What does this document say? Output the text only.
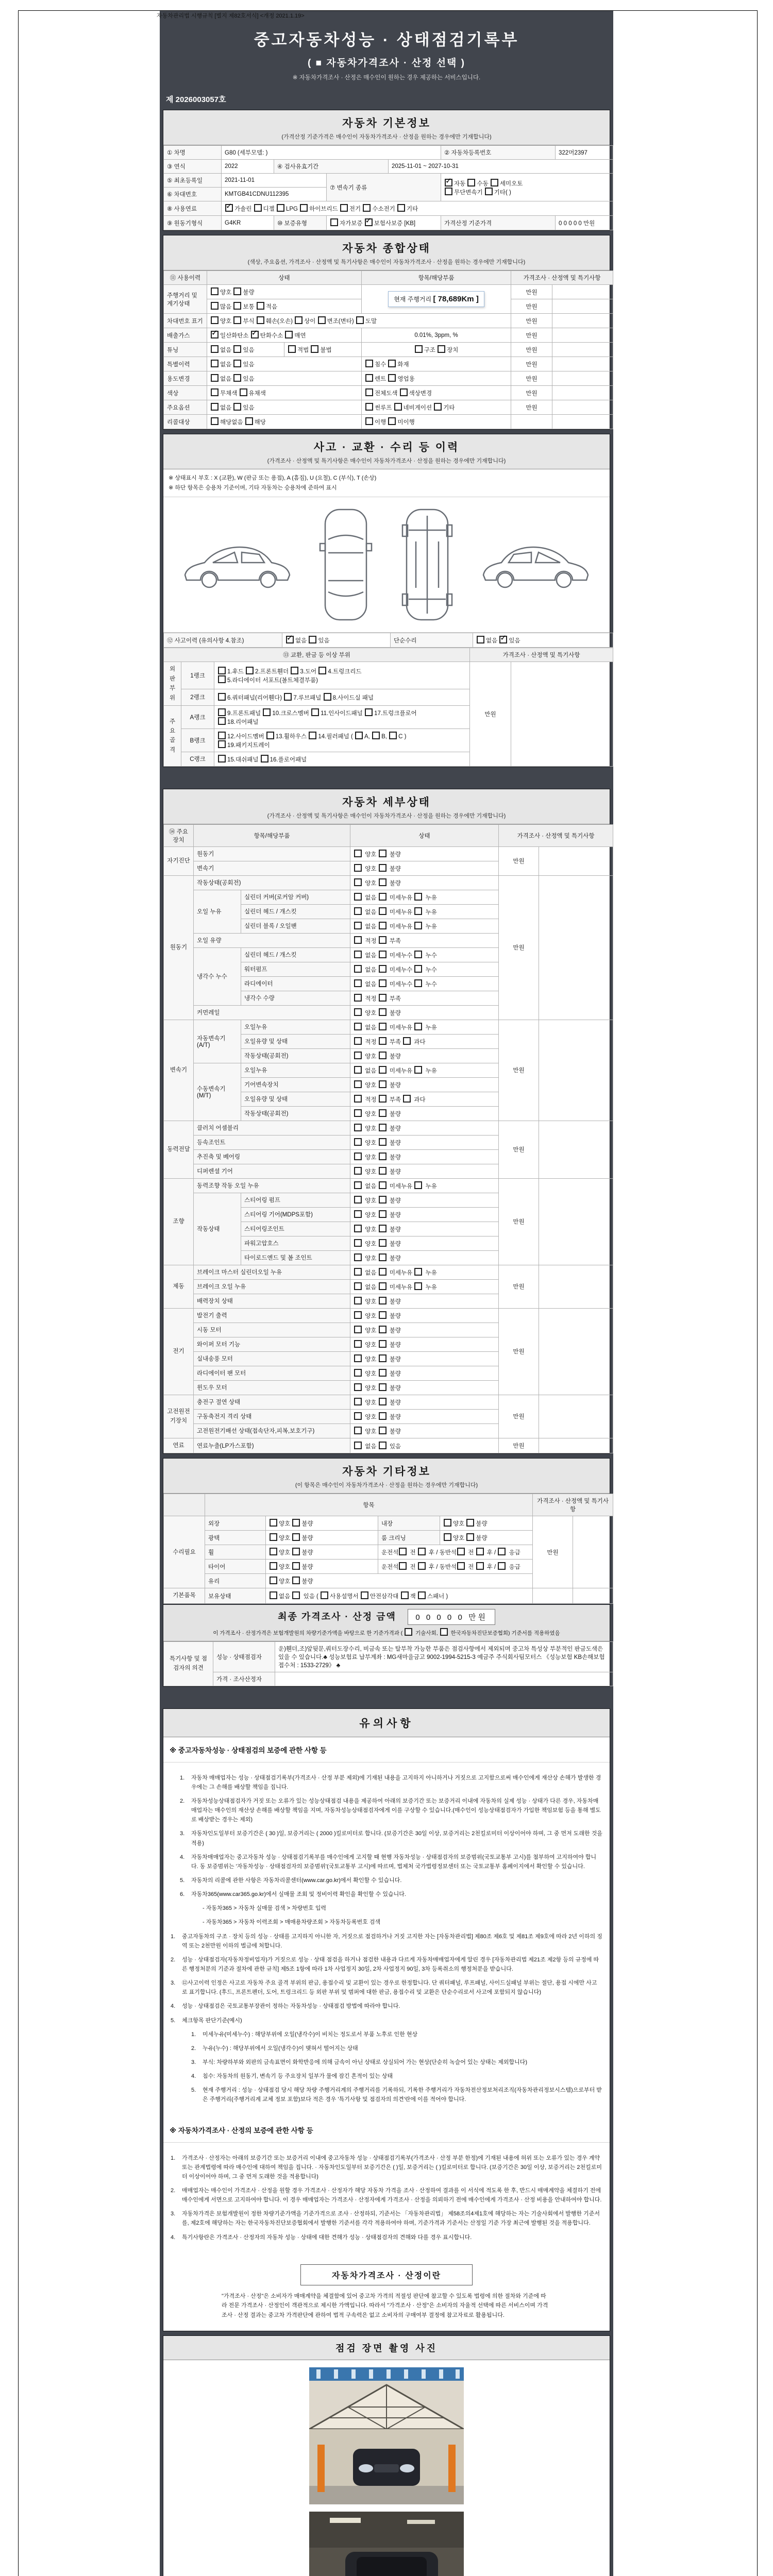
자동차관리법 시행규칙 [별지 제82호서식] <개정 2021.1.19>
중고자동차성능 · 상태점검기록부
( ■ 자동차가격조사 · 산정 선택 )
※ 자동차가격조사 · 산정은 매수인이 원하는 경우 제공하는 서비스입니다.
제 2026003057호
자동차 기본정보
(가격산정 기준가격은 매수인이 자동차가격조사 · 산정을 원하는 경우에만 기재합니다)
① 차명	G80 (세부모델: )				② 자동차등록번호	322머2397
③ 연식	2022	④ 검사유효기간		2025-11-01 ~ 2027-10-31		
⑤ 최초등록일	2021-11-01		⑦ 변속기 종류	✓자동 수동 세미오토
무단변속기 기타( )
⑥ 차대번호	KMTGB41CDNU112395					
⑧ 사용연료	✓가솔린 디젤 LPG 하이브리드 전기 수소전기 기타
⑨ 원동기형식	G4KR	⑩ 보증유형	자가보증 ✓보험사보증 [KB]		가격산정 기준가격	0 0 0 0 0 만원
자동차 종합상태
(색상, 주요옵션, 가격조사 · 산정액 및 특기사항은 매수인이 자동차가격조사 · 산정을 원하는 경우에만 기재합니다)
⑪ 사용이력	상태		항목/해당부품	가격조사 · 산정액 및 특기사항	
주행거리 및 계기상태	양호 불량		현재 주행거리 [ 78,689Km ]	만원	
	많음 보통 적음			만원	
차대번호 표기	양호 부식 훼손(오손) 상이 변조(변타) 도말			만원	
배출가스	✓일산화탄소 ✓탄화수소 매연		0.01%, 3ppm, %	만원	
튜닝	없음 있음	적법 불법	구조 장치	만원	
특별이력	없음 있음		침수 화재	만원	
용도변경	없음 있음		렌트 영업용	만원	
색상	무채색 유채색		전체도색 색상변경	만원	
주요옵션	없음 있음		썬루프 네비게이션 기타	만원	
리콜대상	해당없음 해당		이행 미이행		
사고 · 교환 · 수리 등 이력
(가격조사 · 산정액 및 특기사항은 매수인이 자동차가격조사 · 산정을 원하는 경우에만 기재합니다)
※ 상태표시 부호 : X (교환), W (판금 또는 용접), A (흠집), U (요철), C (부식), T (손상)
※ 하단 항목은 승용차 기준이며, 기타 자동차는 승용차에 준하여 표시
⑫ 사고이력 (유의사항 4.참조)	✓없음 있음	단순수리	없음 ✓있음
⑬ 교환, 판금 등 이상 부위			가격조사 · 산정액 및 특기사항	
외판부위	1랭크	1.후드 2.프론트휀더 3.도어 4.트렁크리드
5.라디에이터 서포트(볼트체결부품)	만원	
	2랭크	6.쿼터패널(리어휀다) 7.루브패널 8.사이드실 패널		
주요골격	A랭크	9.프론트패널 10.크로스멤버 11.인사이드패널 17.트렁크플로어
18.리어패널		
	B랭크	12.사이드멤버 13.휠하우스 14.필러패널 ( A, B, C )
19.패키지트레이		
	C랭크	15.대쉬패널 16.플로어패널		
자동차 세부상태
(가격조사 · 산정액 및 특기사항은 매수인이 자동차가격조사 · 산정을 원하는 경우에만 기재합니다)
⑭ 주요장치	항목/해당부품		상태	가격조사 · 산정액 및 특기사항	
자기진단	원동기		양호  불량	만원	
	변속기		양호  불량		
원동기	작동상태(공회전)		양호  불량	만원	
	오일 누유	실린더 커버(로커암 커버)	없음  미세누유  누유		
		실린더 헤드 / 개스킷	없음  미세누유  누유		
		실린더 블록 / 오일팬	없음  미세누유  누유		
	오일 유량		적정  부족		
	냉각수 누수	실린더 헤드 / 개스킷	없음  미세누수  누수		
		워터펌프	없음  미세누수  누수		
		라디에이터	없음  미세누수  누수		
		냉각수 수량	적정  부족		
	커먼레일		양호  불량		
변속기	자동변속기 (A/T)	오일누유	없음  미세누유  누유	만원	
		오일유량 및 상태	적정  부족  과다		
		작동상태(공회전)	양호  불량		
	수동변속기 (M/T)	오일누유	없음  미세누유  누유		
		기어변속장치	양호  불량		
		오일유량 및 상태	적정  부족  과다		
		작동상태(공회전)	양호  불량		
동력전달	클러치 어셈블리		양호  불량	만원	
	등속조인트		양호  불량		
	추진축 및 베어링		양호  불량		
	디퍼렌셜 기어		양호  불량		
조향	동력조향 작동 오일 누유		없음  미세누유  누유	만원	
	작동상태	스티어링 펌프	양호  불량		
		스티어링 기어(MDPS포함)	양호  불량		
		스티어링조인트	양호  불량		
		파워고압호스	양호  불량		
		타이로드엔드 및 볼 조인트	양호  불량		
제동	브레이크 마스터 실린더오일 누유		없음  미세누유  누유	만원	
	브레이크 오일 누유		없음  미세누유  누유		
	배력장치 상태		양호  불량		
전기	발전기 출력		양호  불량	만원	
	시동 모터		양호  불량		
	와이퍼 모터 기능		양호  불량		
	실내송풍 모터		양호  불량		
	라디에이터 팬 모터		양호  불량		
	윈도우 모터		양호  불량		
고전원전기장치	충전구 절연 상태		양호  불량	만원	
	구동축전지 격리 상태		양호  불량		
	고전원전기배선 상태(접속단자,피복,보호기구)		양호  불량		
연료	연료누출(LP가스포함)		없음  있음	만원	
자동차 기타정보
(이 항목은 매수인이 자동차가격조사 · 산정을 원하는 경우에만 기재합니다)
	항목				가격조사 · 산정액 및 특기사항	
수리필요	외장	양호 불량	내장	양호 불량	만원	
	광택	양호 불량	룸 크리닝	양호 불량		
	휠	양호 불량	운전석 전  후 / 동반석 전  후 /  응급			
	타이어	양호 불량	운전석 전  후 / 동반석 전  후 /  응급			
	유리	양호 불량				
기본품목	보유상태	없음  있음 ( 사용설명서 안전삼각대 잭 스패너 )				
최종 가격조사 · 산정 금액 0 0 0 0 0 만원
이 가격조사 · 산정가격은 보험개발원의 차량기준가액을 바탕으로 한 기준가격과 (  기술사회,  한국자동차진단보증협회) 기준서를 적용하였음
특기사항 및 점검자의 의견	성능 · 상태점검자	운)휀더,조)앞뒷문,쿼터도장수리, 비금속 또는 탈부착 가능한 부품은 점검사항에서 제외되며 중고차 특성상 부분적인 판금도색은 있을 수 있습니다.♣ 성능보험료 납부계좌 : MG새마을금고 9002-1994-5215-3 예금주 주식회사팀모터스 《성능보험 KB손해보험 접수처 : 1533-2729》 ♣
	가격 · 조사산정자	
유의사항
※ 중고자동차성능 · 상태점검의 보증에 관한 사항 등
1.	자동차 매매업자는 성능 · 상태점검기록부(가격조사 · 산정 부분 제외)에 기재된 내용을 고지하지 아니하거나 거짓으로 고지함으로써 매수인에게 재산상 손해가 발생한 경우에는 그 손해를 배상할 책임을 집니다.
2.	자동차성능상태점검자가 거짓 또는 오류가 있는 성능상태점검 내용을 제공하여 아래의 보증기간 또는 보증거리 이내에 자동차의 실제 성능 · 상태가 다른 경우, 자동차매매업자는 매수인의 재산상 손해를 배상할 책임을 지며, 자동차성능상태점검자에게 이를 구상할 수 있습니다.(매수인이 성능상태점검자가 가입한 책임보험 등을 통해 별도로 배상받는 경우는 제외)
3.	자동차인도일부터 보증기간은 ( 30 )일, 보증거리는 ( 2000 )킬로미터로 합니다. (보증기간은 30일 이상, 보증거리는 2천킬로미터 이상이어야 하며, 그 중 먼저 도래한 것을 적용)
4.	자동차매매업자는 중고자동차 성능 · 상태점검기록부를 매수인에게 고지할 때 현행 자동차성능 · 상태점검자의 보증범위(국토교통부 고시)를 첨부하여 고지하여야 합니다. 동 보증범위는 '자동차성능 · 상태점검자의 보증범위'(국토교통부 고시)에 따르며, 법제처 국가법령정보센터 또는 국토교통부 홈페이지에서 확인할 수 있습니다.
5.	자동차의 리콜에 관한 사항은 자동차리콜센터(www.car.go.kr)에서 확인할 수 있습니다.
6.	자동차365(www.car365.go.kr)에서 실매물 조회 및 정비이력 확인을 확인할 수 있습니다.
- 자동차365 > 자동차 실매물 검색 > 차량번호 입력
- 자동차365 > 자동차 이력조회 > 매매용차량조회 > 자동차등록번호 검색
1.	중고자동차의 구조 · 장치 등의 성능 · 상태를 고지하지 아니한 자, 거짓으로 점검하거나 거짓 고지한 자는 [자동차관리법] 제80조 제6호 및 제81조 제9호에 따라 2년 이하의 징역 또는 2천만원 이하의 벌금에 처합니다.
2.	성능 · 상태점검자(자동차정비업자)가 거짓으로 성능 · 상태 점검을 하거나 점검한 내용과 다르게 자동차매매업자에게 알린 경우 [자동차관리법 제21조 제2항 등의 규정에 따른 행정처분의 기준과 절차에 관한 규칙] 제5조 1항에 따라 1차 사업정지 30일, 2차 사업정지 90일, 3차 등록취소의 행정처분을 받습니다.
3.	⑫사고이력 인정은 사고로 자동차 주요 골격 부위의 판금, 용접수리 및 교환이 있는 경우로 한정합니다. 단 쿼터패널, 루프패널, 사이드실패널 부위는 절단, 용접 시에만 사고로 표기합니다. (후드, 프론트펜더, 도어, 트렁크리드 등 외판 부위 및 범퍼에 대한 판금, 용접수리 및 교환은 단순수리로서 사고에 포함되지 않습니다)
4.	성능 · 상태점검은 국토교통부장관이 정하는 자동차성능 · 상태점검 방법에 따라야 합니다.
5.	체크항목 판단기준(예시)
1.	미세누유(미세누수) : 해당부위에 오일(냉각수)이 비치는 정도로서 부품 노후로 인한 현상
2.	누유(누수) : 해당부위에서 오일(냉각수)이 맺혀서 떨어지는 상태
3.	부식: 차량하부와 외판의 금속표면이 화학반응에 의해 금속이 아닌 상태로 상실되어 가는 현상(단순히 녹슬어 있는 상태는 제외합니다)
4.	침수: 자동차의 원동기, 변속기 등 주요장치 일부가 물에 잠긴 흔적이 있는 상태
5.	현재 주행거리 : 성능 · 상태점검 당시 해당 차량 주행거리계의 주행거리를 기록하되, 기록한 주행거리가 자동차전산정보처리조직(자동차관리정보시스템)으로부터 받은 주행거리(주행거리계 교체 정보 포함)보다 적은 경우 '특기사항 및 점검자의 의견'란에 이를 적어야 합니다.
※ 자동차가격조사 · 산정의 보증에 관한 사항 등
1.	가격조사 · 산정자는 아래의 보증기간 또는 보증거리 이내에 중고자동차 성능 · 상태점검기록부(가격조사 · 산정 부분 한정)에 기재된 내용에 허위 또는 오류가 있는 경우 계약 또는 관계법령에 따라 매수인에 대하여 책임을 집니다. · 자동차인도일부터 보증기간은 ( )일, 보증거리는 ( )킬로미터로 합니다. (보증기간은 30일 이상, 보증거리는 2천킬로미터 이상이어야 하며, 그 중 먼저 도래한 것을 적용합니다)
2.	매매업자는 매수인이 가격조사 · 산정을 원할 경우 가격조사 · 산정자가 해당 자동차 가격을 조사 · 산정하여 결과를 이 서식에 적도록 한 후, 반드시 매매계약을 체결하기 전에 매수인에게 서면으로 고지하여야 합니다. 이 경우 매매업자는 가격조사 · 산정자에게 가격조사 · 산정을 의뢰하기 전에 매수인에게 가격조사 · 산정 비용을 안내하여야 합니다.
3.	자동차가격은 보험개발원이 정한 차량기준가액을 기준가격으로 조사 · 산정하되, 기준서는 「자동차관리법」 제58조의4제1호에 해당하는 자는 기술사회에서 발행한 기준서를, 제2호에 해당하는 자는 한국자동차진단보증협회에서 발행한 기준서를 각각 적용하여야 하며, 기준가격과 기준서는 산정일 기준 가장 최근에 발행된 것을 적용합니다.
4.	특기사항란은 가격조사 · 산정자의 자동차 성능 · 상태에 대한 견해가 성능 · 상태점검자의 견해와 다를 경우 표시합니다.
자동차가격조사 · 산정이란
"가격조사 · 산정"은 소비자가 매매계약을 체결함에 있어 중고차 가격의 적절성 판단에 참고할 수 있도록 법령에 의한 절차와 기준에 따라 전문 가격조사 · 산정인이 객관적으로 제시한 가액입니다. 따라서 "가격조사 · 산정"은 소비자의 자율적 선택에 따른 서비스이며 가격조사 · 산정 결과는 중고차 가격판단에 관하여 법적 구속력은 없고 소비자의 구매여부 결정에 참고자료로 활용됩니다.
점검 장면 촬영 사진
